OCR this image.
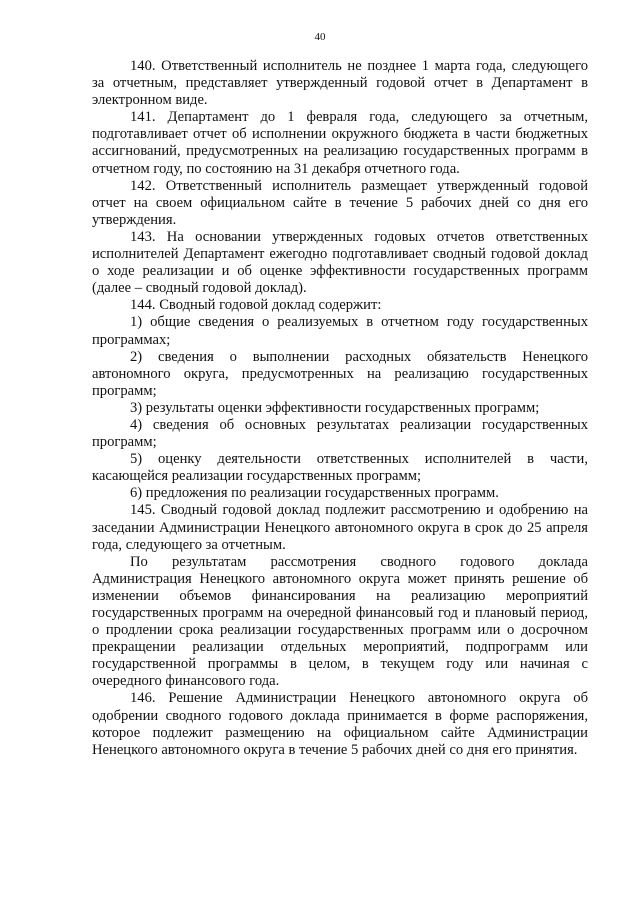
40

140. Ответственный исполнитель не позднее 1 марта года, следующего за отчетным, представляет утвержденный годовой отчет в Департамент в электронном виде.

141. Департамент до 1 февраля года, следующего за отчетным, подготавливает отчет об исполнении окружного бюджета в части бюджетных ассигнований, предусмотренных на реализацию государственных программ в отчетном году, по состоянию на 31 декабря отчетного года.

142. Ответственный исполнитель размещает утвержденный годовой отчет на своем официальном сайте в течение 5 рабочих дней со дня его утверждения.

143. На основании утвержденных годовых отчетов ответственных исполнителей Департамент ежегодно подготавливает сводный годовой доклад о ходе реализации и об оценке эффективности государственных программ (далее – сводный годовой доклад).

144. Сводный годовой доклад содержит:

1) общие сведения о реализуемых в отчетном году государственных программах;

2) сведения о выполнении расходных обязательств Ненецкого автономного округа, предусмотренных на реализацию государственных программ;

3) результаты оценки эффективности государственных программ;

4) сведения об основных результатах реализации государственных программ;

5) оценку деятельности ответственных исполнителей в части, касающейся реализации государственных программ;

6) предложения по реализации государственных программ.

145. Сводный годовой доклад подлежит рассмотрению и одобрению на заседании Администрации Ненецкого автономного округа в срок до 25 апреля года, следующего за отчетным.

По результатам рассмотрения сводного годового доклада Администрация Ненецкого автономного округа может принять решение об изменении объемов финансирования на реализацию мероприятий государственных программ на очередной финансовый год и плановый период, о продлении срока реализации государственных программ или о досрочном прекращении реализации отдельных мероприятий, подпрограмм или государственной программы в целом, в текущем году или начиная с очередного финансового года.

146. Решение Администрации Ненецкого автономного округа об одобрении сводного годового доклада принимается в форме распоряжения, которое подлежит размещению на официальном сайте Администрации Ненецкого автономного округа в течение 5 рабочих дней со дня его принятия.
